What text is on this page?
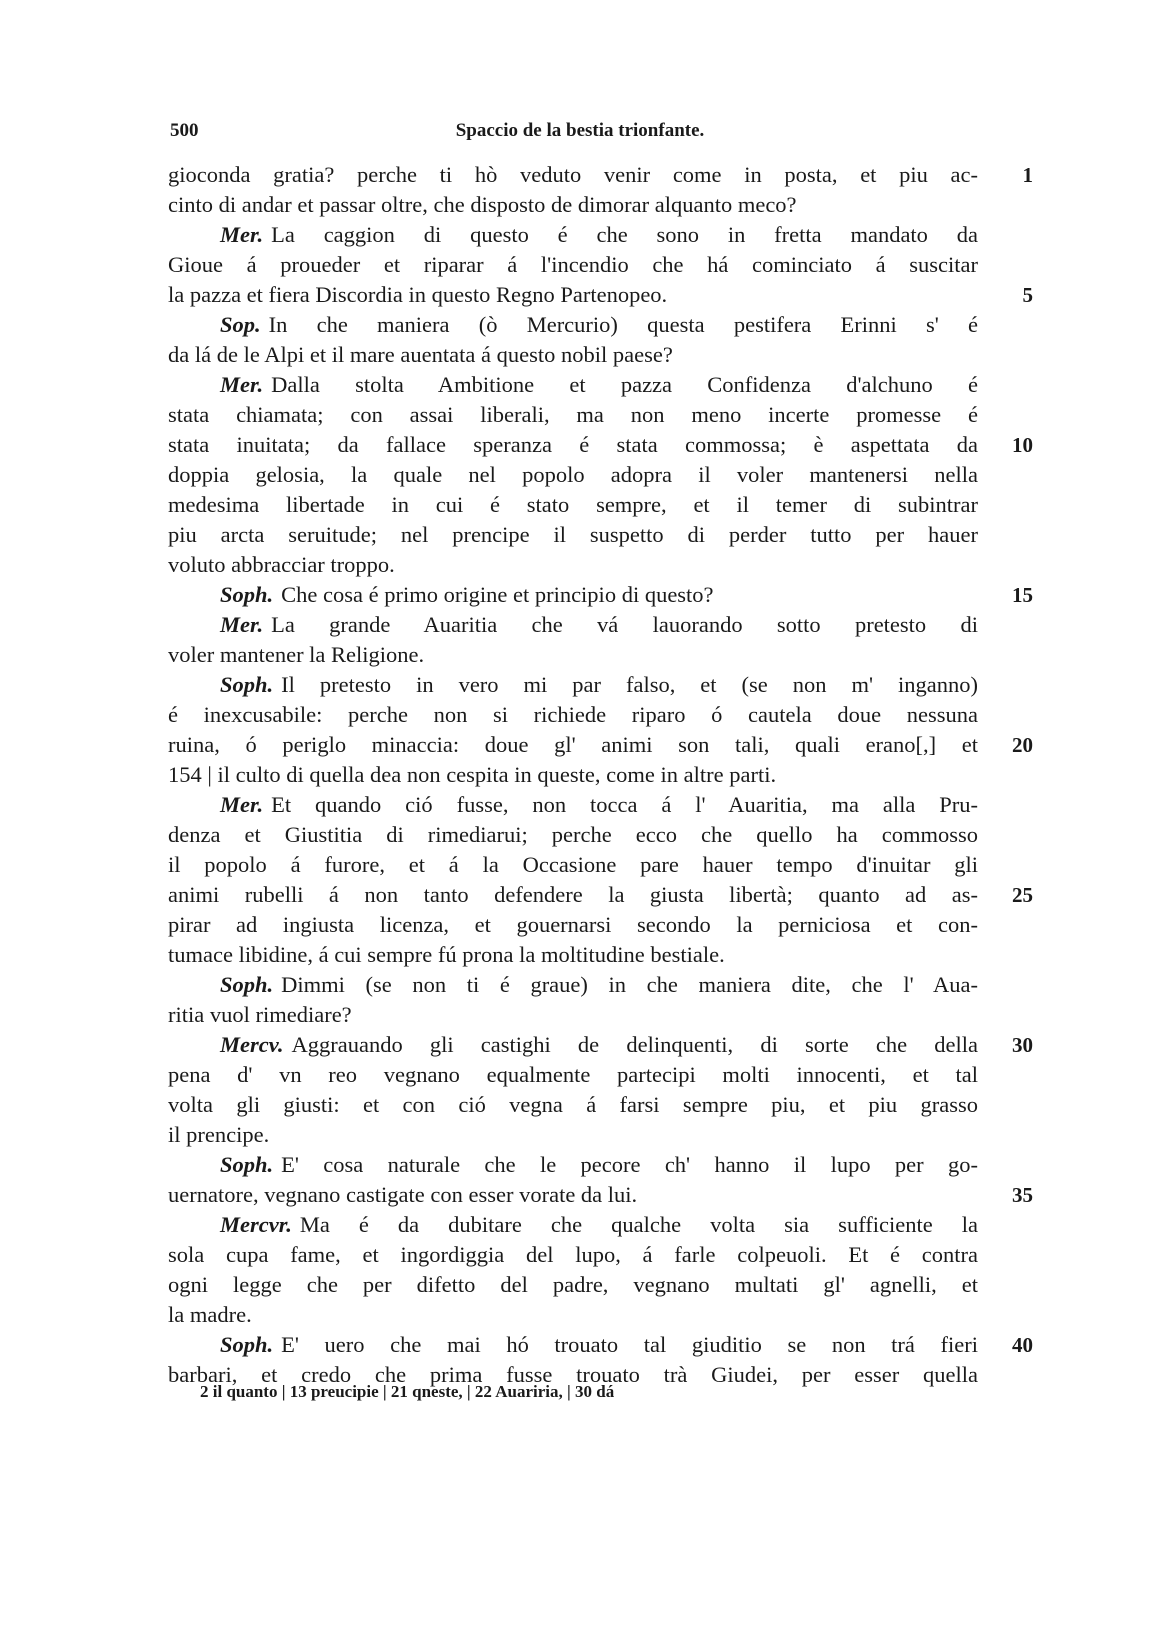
500	Spaccio de la bestia trionfante.
gioconda gratia? perche ti hò veduto venir come in posta, et piu ac-	1
cinto di andar et passar oltre, che disposto de dimorar alquanto meco?
Mer. La caggion di questo é che sono in fretta mandato da
Gioue á proueder et riparar á l'incendio che há cominciato á suscitar
la pazza et fiera Discordia in questo Regno Partenopeo.	5
Sop. In che maniera (ò Mercurio) questa pestifera Erinni s' é
da lá de le Alpi et il mare auentata á questo nobil paese?
Mer. Dalla stolta Ambitione et pazza Confidenza d'alchuno é
stata chiamata; con assai liberali, ma non meno incerte promesse é
stata inuitata; da fallace speranza é stata commossa; è aspettata da	10
doppia gelosia, la quale nel popolo adopra il voler mantenersi nella
medesima libertade in cui é stato sempre, et il temer di subintrar
piu arcta seruitude; nel prencipe il suspetto di perder tutto per hauer
voluto abbracciar troppo.
Soph. Che cosa é primo origine et principio di questo?	15
Mer. La grande Auaritia che vá lauorando sotto pretesto di
voler mantener la Religione.
Soph. Il pretesto in vero mi par falso, et (se non m' inganno)
é inexcusabile: perche non si richiede riparo ó cautela doue nessuna
ruina, ó periglo minaccia: doue gl' animi son tali, quali erano[,] et	20
154 | il culto di quella dea non cespita in queste, come in altre parti.
Mer. Et quando ció fusse, non tocca á l' Auaritia, ma alla Pru-
denza et Giustitia di rimediarui; perche ecco che quello ha commosso
il popolo á furore, et á la Occasione pare hauer tempo d'inuitar gli
animi rubelli á non tanto defendere la giusta libertà; quanto ad as-	25
pirar ad ingiusta licenza, et gouernarsi secondo la perniciosa et con-
tumace libidine, á cui sempre fú prona la moltitudine bestiale.
Soph. Dimmi (se non ti é graue) in che maniera dite, che l' Aua-
ritia vuol rimediare?
Mercv. Aggrauando gli castighi de delinquenti, di sorte che della	30
pena d' vn reo vegnano equalmente partecipi molti innocenti, et tal
volta gli giusti: et con ció vegna á farsi sempre piu, et piu grasso
il prencipe.
Soph. E' cosa naturale che le pecore ch' hanno il lupo per go-
uernatore, vegnano castigate con esser vorate da lui.	35
Mercvr. Ma é da dubitare che qualche volta sia sufficiente la
sola cupa fame, et ingordiggia del lupo, á farle colpeuoli. Et é contra
ogni legge che per difetto del padre, vegnano multati gl' agnelli, et
la madre.
Soph. E' uero che mai hó trouato tal giuditio se non trá fieri	40
barbari, et credo che prima fusse trouato trà Giudei, per esser quella
2 il quanto | 13 preucipie | 21 qneste, | 22 Auariria, | 30 dá
